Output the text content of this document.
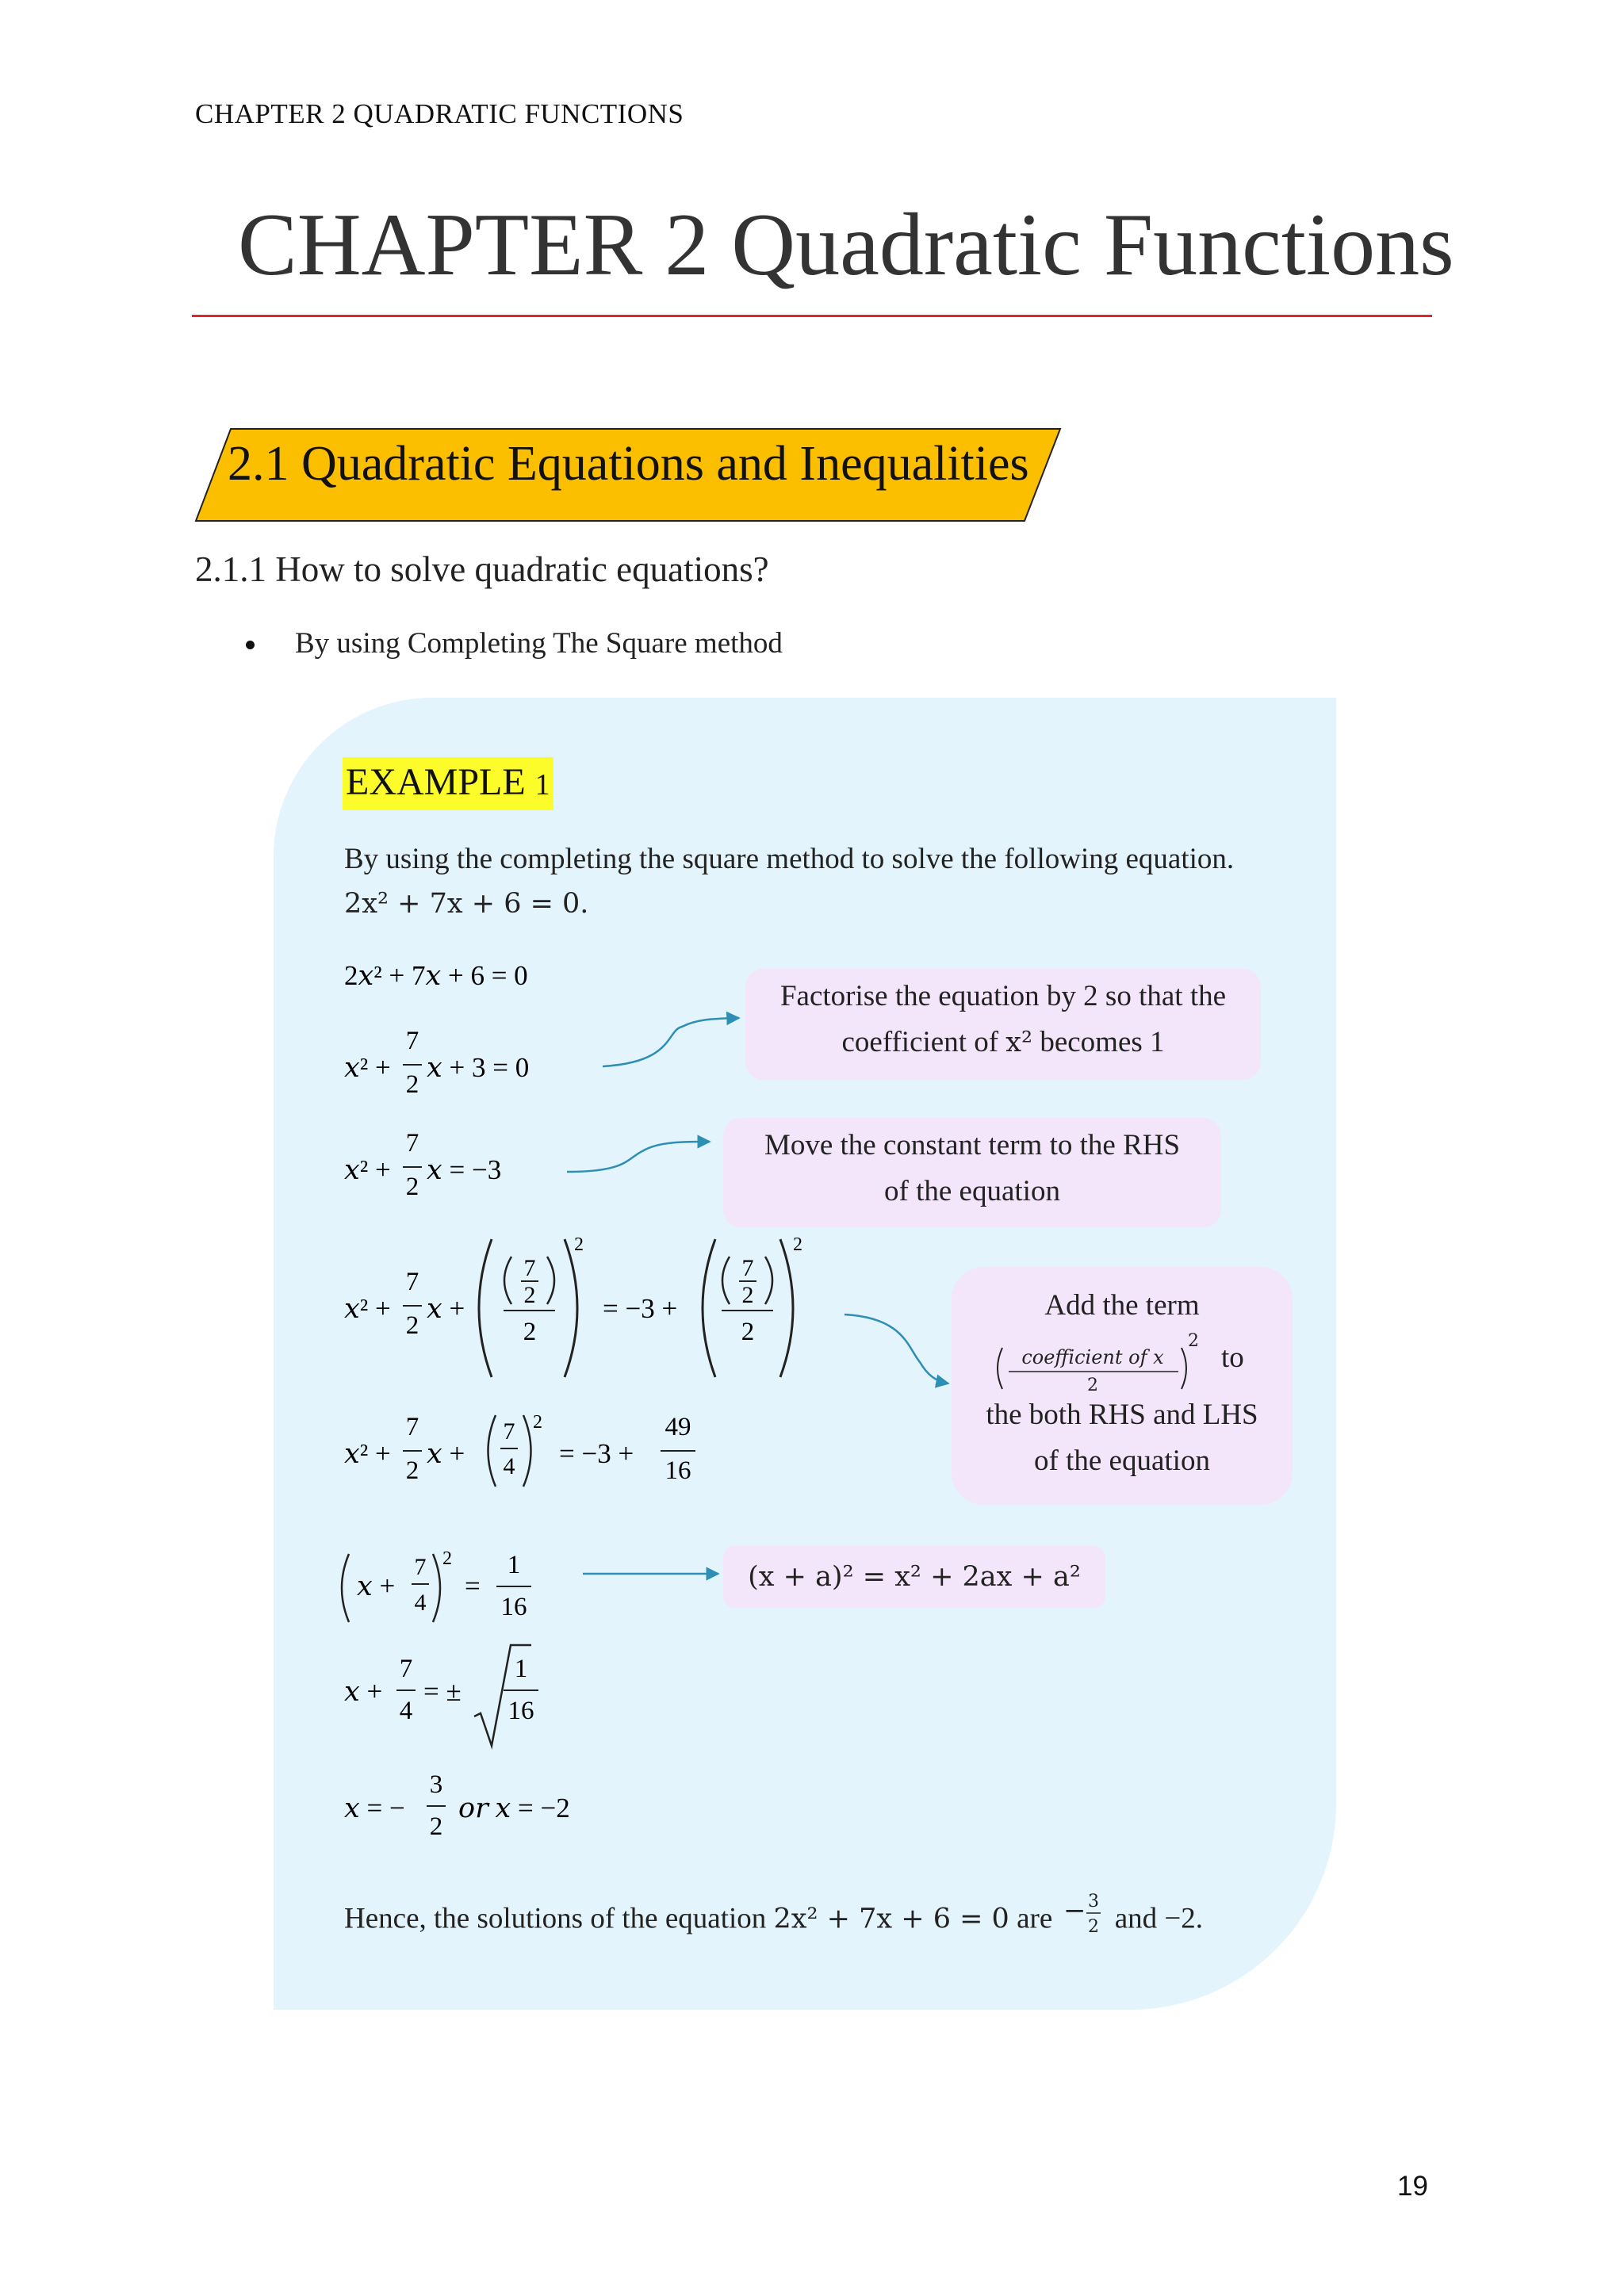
CHAPTER 2 QUADRATIC FUNCTIONS
CHAPTER 2 Quadratic Functions
2.1 Quadratic Equations and Inequalities
2.1.1 How to solve quadratic equations?
By using Completing The Square method
EXAMPLE 1
By using the completing the square method to solve the following equation.
2x² + 7x + 6 = 0.
2𝑥² + 7𝑥 + 6 = 0
𝑥² +
7
2
𝑥 + 3 = 0
𝑥² +
7
2
𝑥 = −3
𝑥² +
7
2
𝑥 +
7
2
2
2
= −3 +
7
2
2
2
𝑥² +
7
2
𝑥 +
7
4
2
= −3 +
49
16
𝑥 +
7
4
2
=
1
16
𝑥 +
7
4
= ±
1
16
𝑥 = −
3
2
𝑜𝑟 𝑥 = −2
Factorise the equation by 2 so that the
coefficient of x² becomes 1
Move the constant term to the RHS
of the equation
Add the term
coefficient of x
2
2
to
the both RHS and LHS
of the equation
(x + a)² = x² + 2ax + a²
Hence, the solutions of the equation 2x² + 7x + 6 = 0 are − 3
2 and −2.
19
